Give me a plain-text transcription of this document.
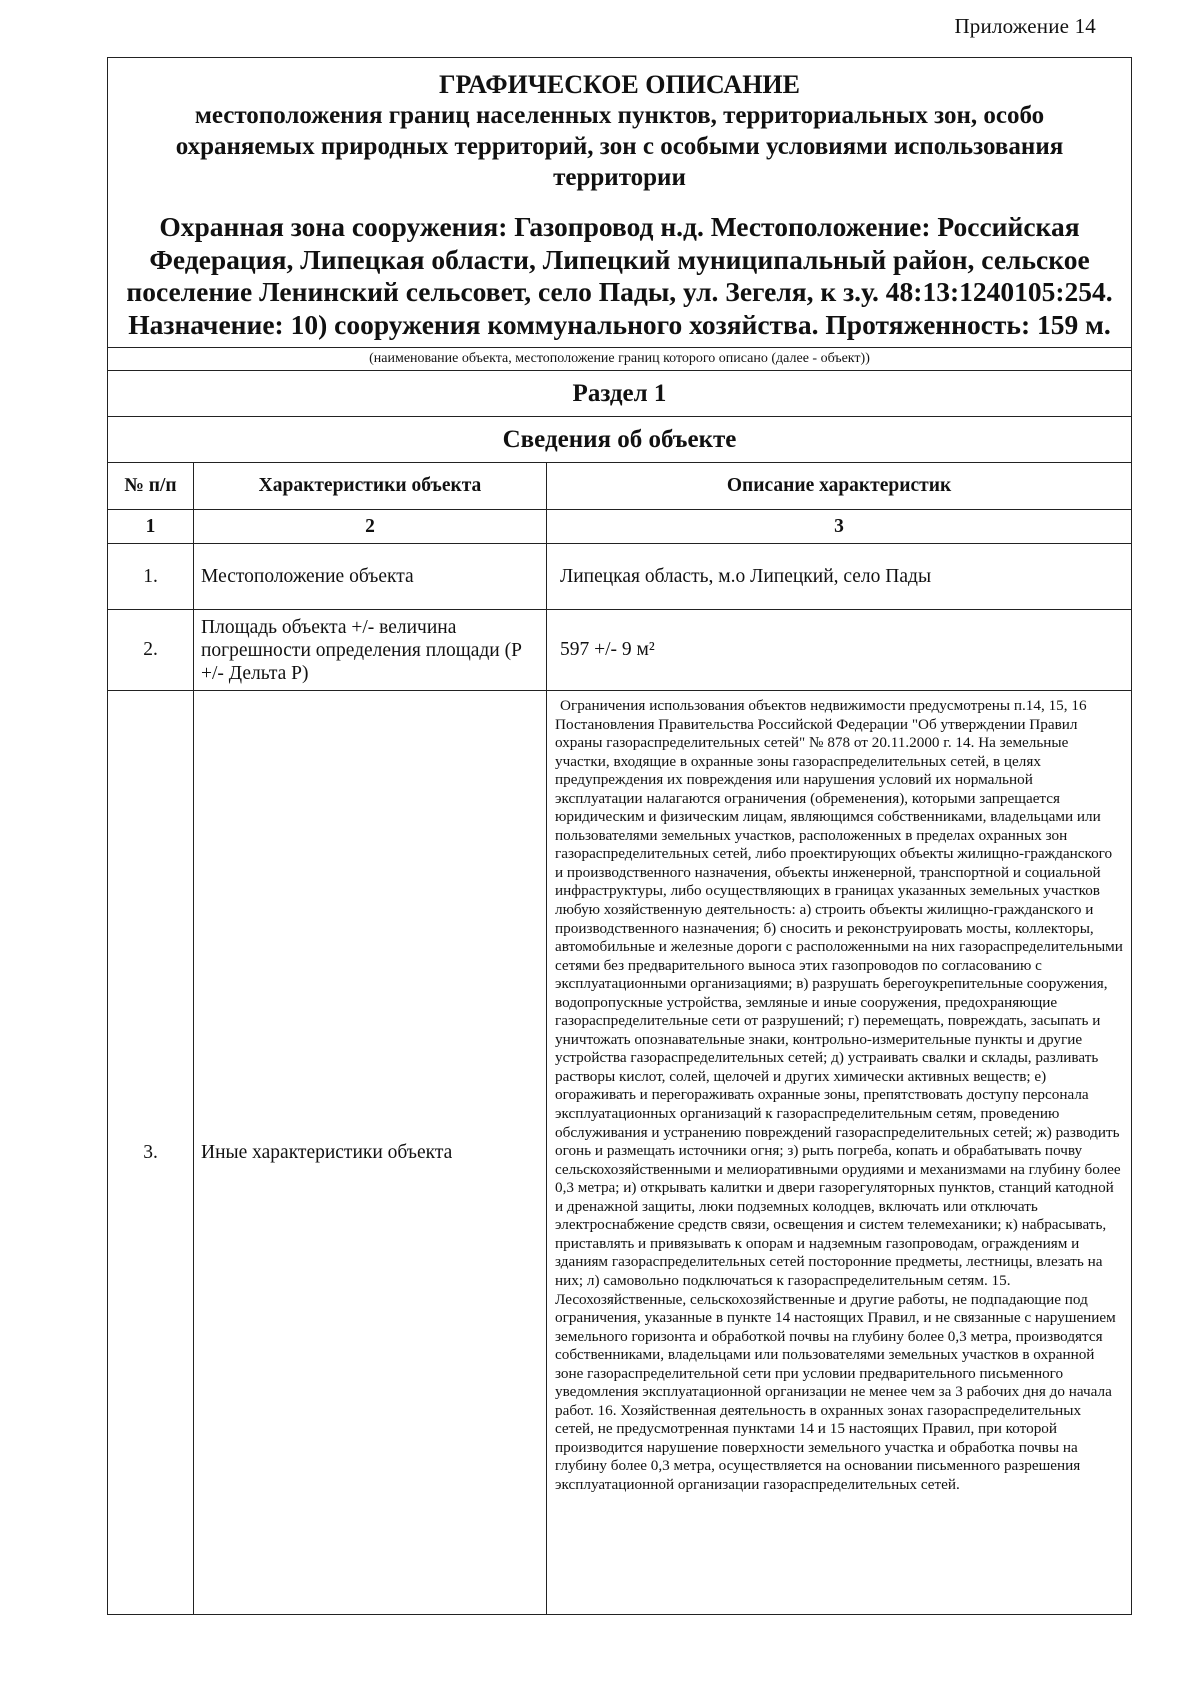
Приложение 14
ГРАФИЧЕСКОЕ ОПИСАНИЕ
местоположения границ населенных пунктов, территориальных зон, особо охраняемых природных территорий, зон с особыми условиями использования территории
Охранная зона сооружения: Газопровод н.д. Местоположение: Российская
Федерация, Липецкая области, Липецкий муниципальный район, сельское
поселение Ленинский сельсовет, село Пады, ул. Зегеля, к з.у. 48:13:1240105:254.
Назначение: 10) сооружения коммунального хозяйства. Протяженность: 159 м.
(наименование объекта, местоположение границ которого описано (далее - объект))
Раздел 1
Сведения об объекте
№ п/п	Характеристики объекта	Описание характеристик
1	2	3
1.	Местоположение объекта	Липецкая область, м.о Липецкий, село Пады
2.	Площадь объекта +/- величина погрешности определения площади (Р +/- Дельта Р)	597 +/- 9 м²
3.	Иные характеристики объекта	Ограничения использования объектов недвижимости предусмотрены п.14, 15, 16 Постановления Правительства Российской Федерации "Об утверждении Правил охраны газораспределительных сетей" № 878 от 20.11.2000 г. 14. На земельные участки, входящие в охранные зоны газораспределительных сетей, в целях предупреждения их повреждения или нарушения условий их нормальной эксплуатации налагаются ограничения (обременения), которыми запрещается юридическим и физическим лицам, являющимся собственниками, владельцами или пользователями земельных участков, расположенных в пределах охранных зон газораспределительных сетей, либо проектирующих объекты жилищно-гражданского и производственного назначения, объекты инженерной, транспортной и социальной инфраструктуры, либо осуществляющих в границах указанных земельных участков любую хозяйственную деятельность: а) строить объекты жилищно-гражданского и производственного назначения; б) сносить и реконструировать мосты, коллекторы, автомобильные и железные дороги с расположенными на них газораспределительными сетями без предварительного выноса этих газопроводов по согласованию с эксплуатационными организациями; в) разрушать берегоукрепительные сооружения, водопропускные устройства, земляные и иные сооружения, предохраняющие газораспределительные сети от разрушений; г) перемещать, повреждать, засыпать и уничтожать опознавательные знаки, контрольно-измерительные пункты и другие устройства газораспределительных сетей; д) устраивать свалки и склады, разливать растворы кислот, солей, щелочей и других химически активных веществ; е) огораживать и перегораживать охранные зоны, препятствовать доступу персонала эксплуатационных организаций к газораспределительным сетям, проведению обслуживания и устранению повреждений газораспределительных сетей; ж) разводить огонь и размещать источники огня; з) рыть погреба, копать и обрабатывать почву сельскохозяйственными и мелиоративными орудиями и механизмами на глубину более 0,3 метра; и) открывать калитки и двери газорегуляторных пунктов, станций катодной и дренажной защиты, люки подземных колодцев, включать или отключать электроснабжение средств связи, освещения и систем телемеханики; к) набрасывать, приставлять и привязывать к опорам и надземным газопроводам, ограждениям и зданиям газораспределительных сетей посторонние предметы, лестницы, влезать на них; л) самовольно подключаться к газораспределительным сетям. 15. Лесохозяйственные, сельскохозяйственные и другие работы, не подпадающие под ограничения, указанные в пункте 14 настоящих Правил, и не связанные с нарушением земельного горизонта и обработкой почвы на глубину более 0,3 метра, производятся собственниками, владельцами или пользователями земельных участков в охранной зоне газораспределительной сети при условии предварительного письменного уведомления эксплуатационной организации не менее чем за 3 рабочих дня до начала работ. 16. Хозяйственная деятельность в охранных зонах газораспределительных сетей, не предусмотренная пунктами 14 и 15 настоящих Правил, при которой производится нарушение поверхности земельного участка и обработка почвы на глубину более 0,3 метра, осуществляется на основании письменного разрешения эксплуатационной организации газораспределительных сетей.
